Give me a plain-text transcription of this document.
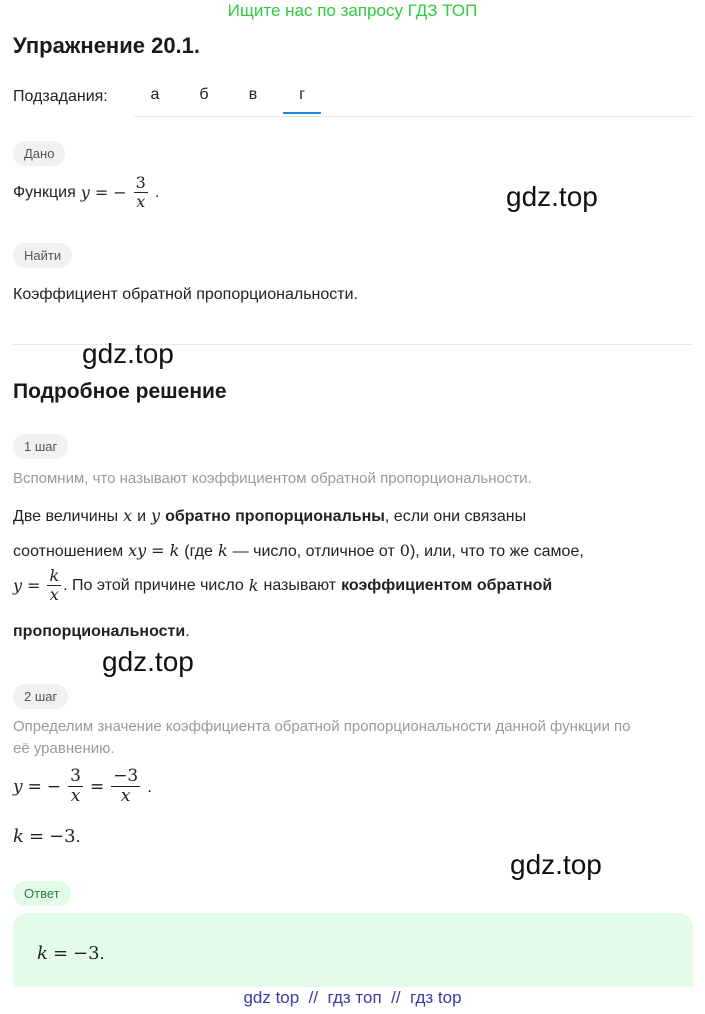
Ищите нас по запросу ГДЗ ТОП
Упражнение 20.1.
Подзадания:	а	б	в	г
Дано
Функция y = − $\frac{3}{x}$ .	gdz.top
Найти
Коэффициент обратной пропорциональности.
gdz.top
Подробное решение
1 шаг
Вспомним, что называют коэффициентом обратной пропорциональности.
Две величины x и y обратно пропорциональны , если они связаны
соотношением xy = k (где k — число, отличное от 0 ), или, что то же самое,
$y = \frac{k}{x}$ . По этой причине число k называют коэффициентом обратной
пропорциональности.
gdz.top
2 шаг
Определим значение коэффициента обратной пропорциональности данной функции по
её уравнению.
y = − $\frac{3}{x} = \frac{-3}{x}$ .
k = −3.
gdz.top
Ответ
k = −3.
gdz top  //  гдз топ  //  гдз top
